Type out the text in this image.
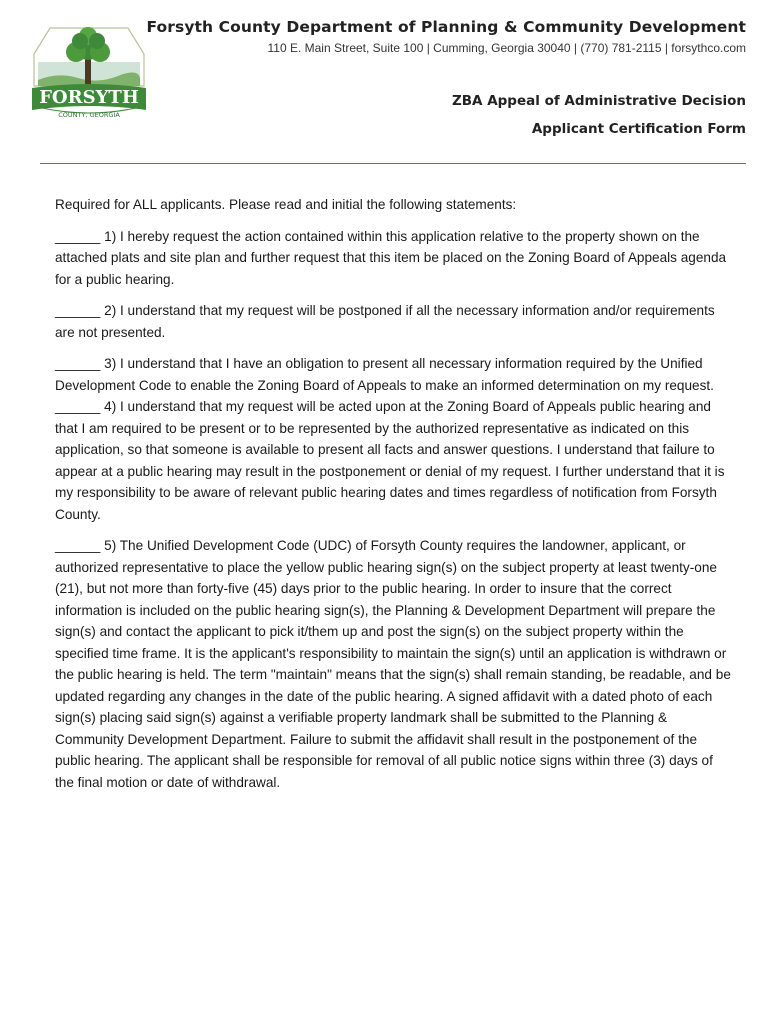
FORSYTH
COUNTY, GEORGIA
Forsyth County Department of Planning & Community Development
110 E. Main Street, Suite 100 | Cumming, Georgia 30040 | (770) 781-2115 | forsythco.com
ZBA Appeal of Administrative Decision
Applicant Certification Form

Required for ALL applicants. Please read and initial the following statements:

______ 1) I hereby request the action contained within this application relative to the property shown on the attached plats and site plan and further request that this item be placed on the Zoning Board of Appeals agenda for a public hearing.

______ 2) I understand that my request will be postponed if all the necessary information and/or requirements are not presented.

______ 3) I understand that I have an obligation to present all necessary information required by the Unified Development Code to enable the Zoning Board of Appeals to make an informed determination on my request.

______ 4) I understand that my request will be acted upon at the Zoning Board of Appeals public hearing and that I am required to be present or to be represented by the authorized representative as indicated on this application, so that someone is available to present all facts and answer questions. I understand that failure to appear at a public hearing may result in the postponement or denial of my request. I further understand that it is my responsibility to be aware of relevant public hearing dates and times regardless of notification from Forsyth County.

______ 5) The Unified Development Code (UDC) of Forsyth County requires the landowner, applicant, or authorized representative to place the yellow public hearing sign(s) on the subject property at least twenty-one (21), but not more than forty-five (45) days prior to the public hearing. In order to insure that the correct information is included on the public hearing sign(s), the Planning & Development Department will prepare the sign(s) and contact the applicant to pick it/them up and post the sign(s) on the subject property within the specified time frame. It is the applicant's responsibility to maintain the sign(s) until an application is withdrawn or the public hearing is held. The term "maintain" means that the sign(s) shall remain standing, be readable, and be updated regarding any changes in the date of the public hearing. A signed affidavit with a dated photo of each sign(s) placing said sign(s) against a verifiable property landmark shall be submitted to the Planning & Community Development Department. Failure to submit the affidavit shall result in the postponement of the public hearing. The applicant shall be responsible for removal of all public notice signs within three (3) days of the final motion or date of withdrawal.
